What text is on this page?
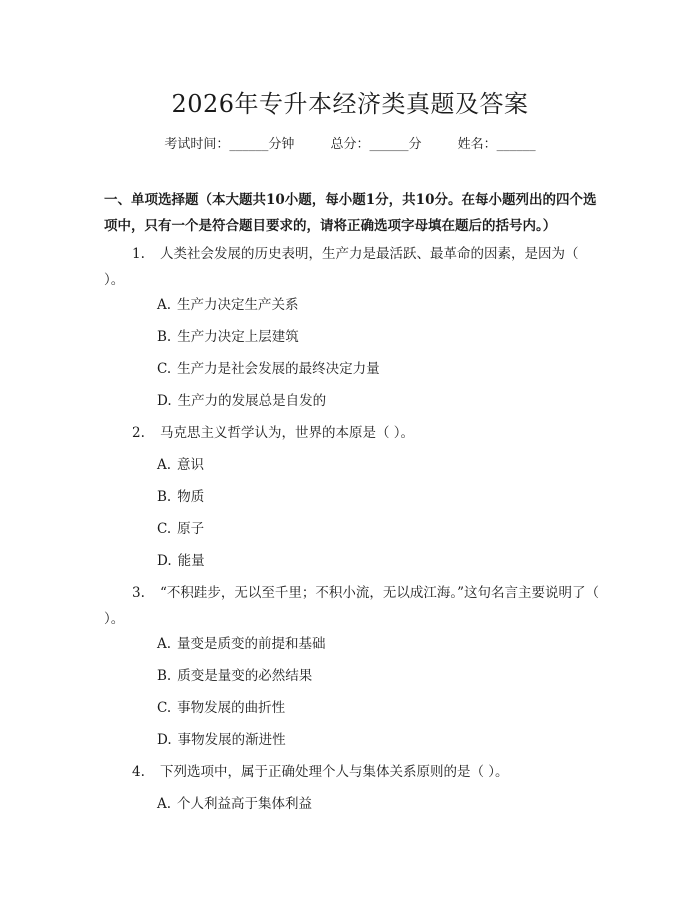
2026年专升本经济类真题及答案
考试时间：______分钟	总分：______分	姓名：______
一、单项选择题（本大题共10小题，每小题1分，共10分。在每小题列出的四个选项中，只有一个是符合题目要求的，请将正确选项字母填在题后的括号内。）
1. 人类社会发展的历史表明，生产力是最活跃、最革命的因素，是因为（ ）。
A. 生产力决定生产关系
B. 生产力决定上层建筑
C. 生产力是社会发展的最终决定力量
D. 生产力的发展总是自发的
2. 马克思主义哲学认为，世界的本原是（ ）。
A. 意识
B. 物质
C. 原子
D. 能量
3. “不积跬步，无以至千里；不积小流，无以成江海。”这句名言主要说明了（ ）。
A. 量变是质变的前提和基础
B. 质变是量变的必然结果
C. 事物发展的曲折性
D. 事物发展的渐进性
4. 下列选项中，属于正确处理个人与集体关系原则的是（ ）。
A. 个人利益高于集体利益
